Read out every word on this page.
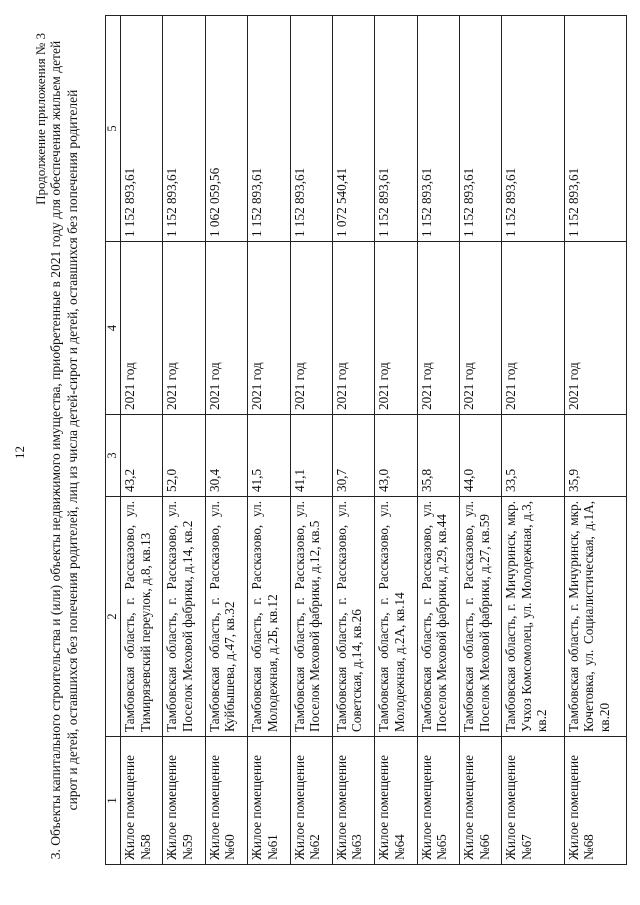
12
Продолжение приложения № 3 3. Объекты капитального строительства и (или) объекты недвижимого имущества, приобретенные в 2021 году для обеспечения жильем детей сирот и детей, оставшихся без попечения родителей, лиц из числа детей-сирот и детей, оставшихся без попечения родителей 1	2	3	4	5
Жилое помещение №58	Тамбовская область, г. Рассказово, ул. Тимирязевский переулок, д.8, кв.13	43,2	2021 год	1 152 893,61
Жилое помещение №59	Тамбовская область, г. Рассказово, ул. Поселок Меховой фабрики, д.14, кв.2	52,0	2021 год	1 152 893,61
Жилое помещение №60	Тамбовская область, г. Рассказово, ул. Куйбышева, д.47, кв.32	30,4	2021 год	1 062 059,56
Жилое помещение №61	Тамбовская область, г. Рассказово, ул. Молодежная, д.2Б, кв.12	41,5	2021 год	1 152 893,61
Жилое помещение №62	Тамбовская область, г. Рассказово, ул. Поселок Меховой фабрики, д.12, кв.5	41,1	2021 год	1 152 893,61
Жилое помещение №63	Тамбовская область, г. Рассказово, ул. Советская, д.14, кв.26	30,7	2021 год	1 072 540,41
Жилое помещение №64	Тамбовская область, г. Рассказово, ул. Молодежная, д.2А, кв.14	43,0	2021 год	1 152 893,61
Жилое помещение №65	Тамбовская область, г. Рассказово, ул. Поселок Меховой фабрики, д.29, кв.44	35,8	2021 год	1 152 893,61
Жилое помещение №66	Тамбовская область, г. Рассказово, ул. Поселок Меховой фабрики, д.27, кв.59	44,0	2021 год	1 152 893,61
Жилое помещение №67	Тамбовская область, г. Мичуринск, мкр. Учхоз Комсомолец, ул. Молодежная, д.3, кв.2	33,5	2021 год	1 152 893,61
Жилое помещение №68	Тамбовская область, г. Мичуринск, мкр. Кочетовка, ул. Социалистическая, д.1А, кв.20	35,9	2021 год	1 152 893,61
